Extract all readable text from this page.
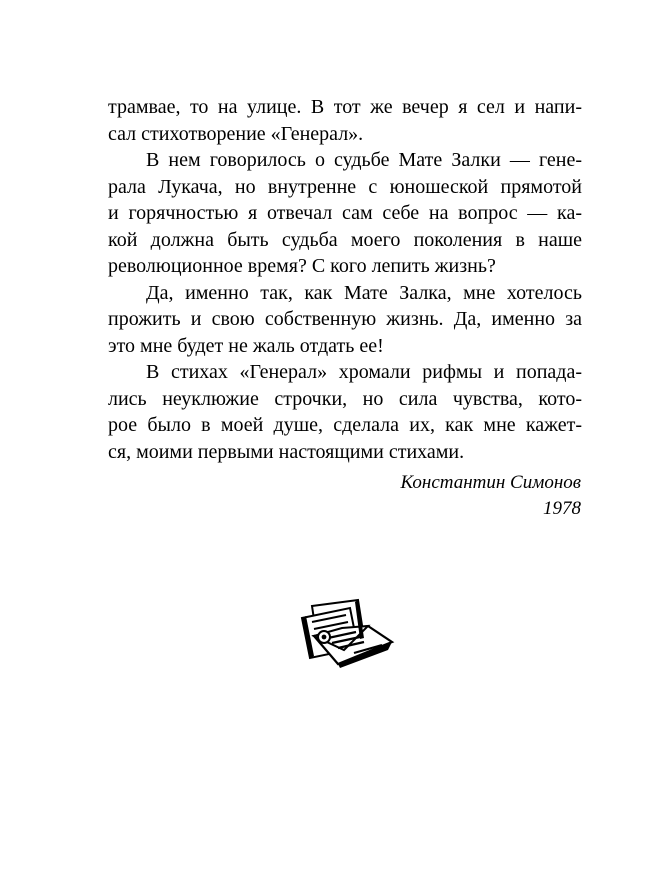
трамвае, то на улице. В тот же вечер я сел и напи-
сал стихотворение «Генерал».
В нем говорилось о судьбе Мате Залки — гене-
рала Лукача, но внутренне с юношеской прямотой
и горячностью я отвечал сам себе на вопрос — ка-
кой должна быть судьба моего поколения в наше
революционное время? С кого лепить жизнь?
Да, именно так, как Мате Залка, мне хотелось
прожить и свою собственную жизнь. Да, именно за
это мне будет не жаль отдать ее!
В стихах «Генерал» хромали рифмы и попада-
лись неуклюжие строчки, но сила чувства, кото-
рое было в моей душе, сделала их, как мне кажет-
ся, моими первыми настоящими стихами.
Константин Симонов
1978
